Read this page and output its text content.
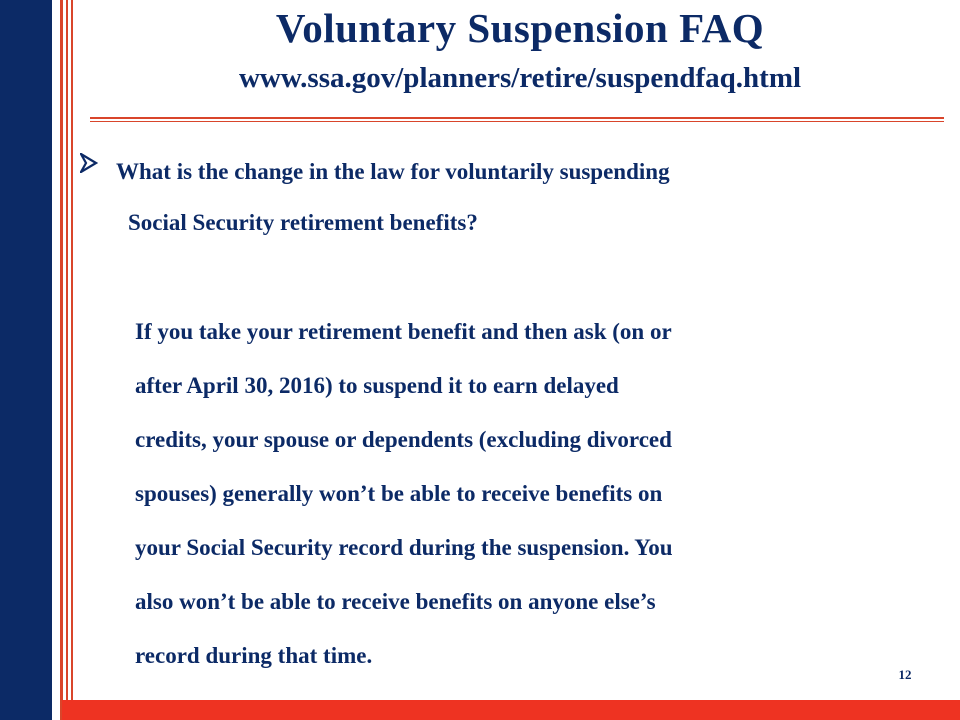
Voluntary Suspension FAQ
www.ssa.gov/planners/retire/suspendfaq.html
What is the change in the law for voluntarily suspending
Social Security retirement benefits?
If you take your retirement benefit and then ask (on or
after April 30, 2016) to suspend it to earn delayed
credits, your spouse or dependents (excluding divorced
spouses) generally won’t be able to receive benefits on
your Social Security record during the suspension. You
also won’t be able to receive benefits on anyone else’s
record during that time.
12
